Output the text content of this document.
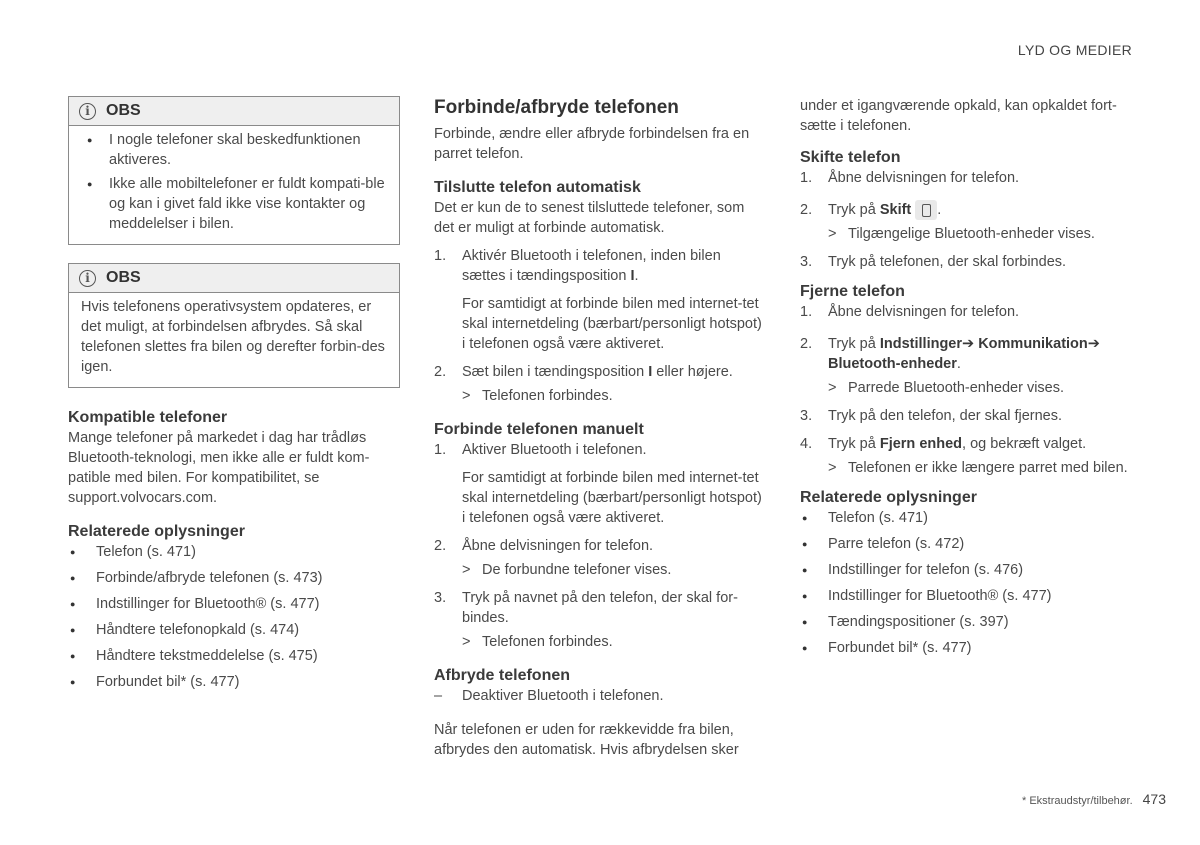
LYD OG MEDIER
i	OBS
● I nogle telefoner skal beskedfunktionen aktiveres.
● Ikke alle mobiltelefoner er fuldt kompati-ble og kan i givet fald ikke vise kontakter og meddelelser i bilen.
i	OBS

Hvis telefonens operativsystem opdateres, er det muligt, at forbindelsen afbrydes. Så skal telefonen slettes fra bilen og derefter forbin-des igen.

Kompatible telefoner

Mange telefoner på markedet i dag har trådløs Bluetooth-teknologi, men ikke alle er fuldt kom-patible med bilen. For kompatibilitet, se support.volvocars.com.

Relaterede oplysninger
● Telefon (s. 471)
● Forbinde/afbryde telefonen (s. 473)
● Indstillinger for Bluetooth® (s. 477)
● Håndtere telefonopkald (s. 474)
● Håndtere tekstmeddelelse (s. 475)
● Forbundet bil* (s. 477)
Forbinde/afbryde telefonen

Forbinde, ændre eller afbryde forbindelsen fra en parret telefon.

Tilslutte telefon automatisk

Det er kun de to senest tilsluttede telefoner, som det er muligt at forbinde automatisk.

1. Aktivér Bluetooth i telefonen, inden bilen sættes i tændingsposition I.
For samtidigt at forbinde bilen med internet-tet skal internetdeling (bærbart/personligt hotspot) i telefonen også være aktiveret.
2. Sæt bilen i tændingsposition I eller højere.
> Telefonen forbindes.
Forbinde telefonen manuelt
1. Aktiver Bluetooth i telefonen.
For samtidigt at forbinde bilen med internet-tet skal internetdeling (bærbart/personligt hotspot) i telefonen også være aktiveret.
2. Åbne delvisningen for telefon.
> De forbundne telefoner vises.
3. Tryk på navnet på den telefon, der skal for-bindes.
> Telefonen forbindes.
Afbryde telefonen
– Deaktiver Bluetooth i telefonen.

Når telefonen er uden for rækkevidde fra bilen, afbrydes den automatisk. Hvis afbrydelsen sker

under et igangværende opkald, kan opkaldet fort-sætte i telefonen.

Skifte telefon
1. Åbne delvisningen for telefon.
2. Tryk på Skift .
> Tilgængelige Bluetooth-enheder vises.
3. Tryk på telefonen, der skal forbindes.
Fjerne telefon
1. Åbne delvisningen for telefon.
2. Tryk på Indstillinger➔ Kommunikation➔ Bluetooth-enheder.
> Parrede Bluetooth-enheder vises.
3. Tryk på den telefon, der skal fjernes.
4. Tryk på Fjern enhed, og bekræft valget.
> Telefonen er ikke længere parret med bilen.
Relaterede oplysninger
● Telefon (s. 471)
● Parre telefon (s. 472)
● Indstillinger for telefon (s. 476)
● Indstillinger for Bluetooth® (s. 477)
● Tændingspositioner (s. 397)
● Forbundet bil* (s. 477)
* Ekstraudstyr/tilbehør. 473
